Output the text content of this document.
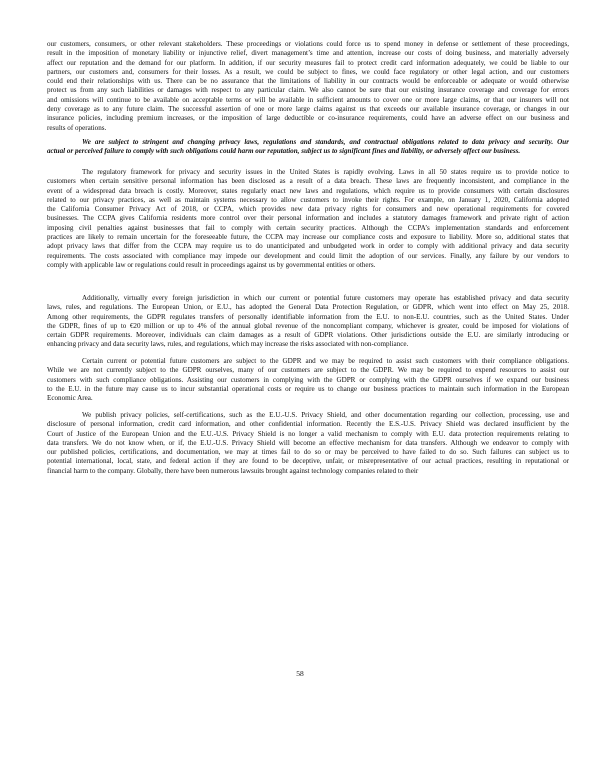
our customers, consumers, or other relevant stakeholders. These proceedings or violations could force us to spend money in defense or settlement of these proceedings,
result in the imposition of monetary liability or injunctive relief, divert management’s time and attention, increase our costs of doing business, and materially adversely
affect our reputation and the demand for our platform. In addition, if our security measures fail to protect credit card information adequately, we could be liable to our
partners, our customers and, consumers for their losses. As a result, we could be subject to fines, we could face regulatory or other legal action, and our customers
could end their relationships with us. There can be no assurance that the limitations of liability in our contracts would be enforceable or adequate or would otherwise
protect us from any such liabilities or damages with respect to any particular claim. We also cannot be sure that our existing insurance coverage and coverage for errors
and omissions will continue to be available on acceptable terms or will be available in sufficient amounts to cover one or more large claims, or that our insurers will not
deny coverage as to any future claim. The successful assertion of one or more large claims against us that exceeds our available insurance coverage, or changes in our
insurance policies, including premium increases, or the imposition of large deductible or co-insurance requirements, could have an adverse effect on our business and
results of operations.
We are subject to stringent and changing privacy laws, regulations and standards, and contractual obligations related to data privacy and security. Our
actual or perceived failure to comply with such obligations could harm our reputation, subject us to significant fines and liability, or adversely affect our business.
The regulatory framework for privacy and security issues in the United States is rapidly evolving. Laws in all 50 states require us to provide notice to
customers when certain sensitive personal information has been disclosed as a result of a data breach. These laws are frequently inconsistent, and compliance in the
event of a widespread data breach is costly. Moreover, states regularly enact new laws and regulations, which require us to provide consumers with certain disclosures
related to our privacy practices, as well as maintain systems necessary to allow customers to invoke their rights. For example, on January 1, 2020, California adopted
the California Consumer Privacy Act of 2018, or CCPA, which provides new data privacy rights for consumers and new operational requirements for covered
businesses. The CCPA gives California residents more control over their personal information and includes a statutory damages framework and private right of action
imposing civil penalties against businesses that fail to comply with certain security practices. Although the CCPA’s implementation standards and enforcement
practices are likely to remain uncertain for the foreseeable future, the CCPA may increase our compliance costs and exposure to liability. More so, additional states that
adopt privacy laws that differ from the CCPA may require us to do unanticipated and unbudgeted work in order to comply with additional privacy and data security
requirements. The costs associated with compliance may impede our development and could limit the adoption of our services. Finally, any failure by our vendors to
comply with applicable law or regulations could result in proceedings against us by governmental entities or others.
Additionally, virtually every foreign jurisdiction in which our current or potential future customers may operate has established privacy and data security
laws, rules, and regulations. The European Union, or E.U., has adopted the General Data Protection Regulation, or GDPR, which went into effect on May 25, 2018.
Among other requirements, the GDPR regulates transfers of personally identifiable information from the E.U. to non-E.U. countries, such as the United States. Under
the GDPR, fines of up to €20 million or up to 4% of the annual global revenue of the noncompliant company, whichever is greater, could be imposed for violations of
certain GDPR requirements. Moreover, individuals can claim damages as a result of GDPR violations. Other jurisdictions outside the E.U. are similarly introducing or
enhancing privacy and data security laws, rules, and regulations, which may increase the risks associated with non-compliance.
Certain current or potential future customers are subject to the GDPR and we may be required to assist such customers with their compliance obligations.
While we are not currently subject to the GDPR ourselves, many of our customers are subject to the GDPR. We may be required to expend resources to assist our
customers with such compliance obligations. Assisting our customers in complying with the GDPR or complying with the GDPR ourselves if we expand our business
to the E.U. in the future may cause us to incur substantial operational costs or require us to change our business practices to maintain such information in the European
Economic Area.
We publish privacy policies, self-certifications, such as the E.U.-U.S. Privacy Shield, and other documentation regarding our collection, processing, use and
disclosure of personal information, credit card information, and other confidential information. Recently the E.S.-U.S. Privacy Shield was declared insufficient by the
Court of Justice of the European Union and the E.U.-U.S. Privacy Shield is no longer a valid mechanism to comply with E.U. data protection requirements relating to
data transfers. We do not know when, or if, the E.U.-U.S. Privacy Shield will become an effective mechanism for data transfers. Although we endeavor to comply with
our published policies, certifications, and documentation, we may at times fail to do so or may be perceived to have failed to do so. Such failures can subject us to
potential international, local, state, and federal action if they are found to be deceptive, unfair, or misrepresentative of our actual practices, resulting in reputational or
financial harm to the company. Globally, there have been numerous lawsuits brought against technology companies related to their
58
